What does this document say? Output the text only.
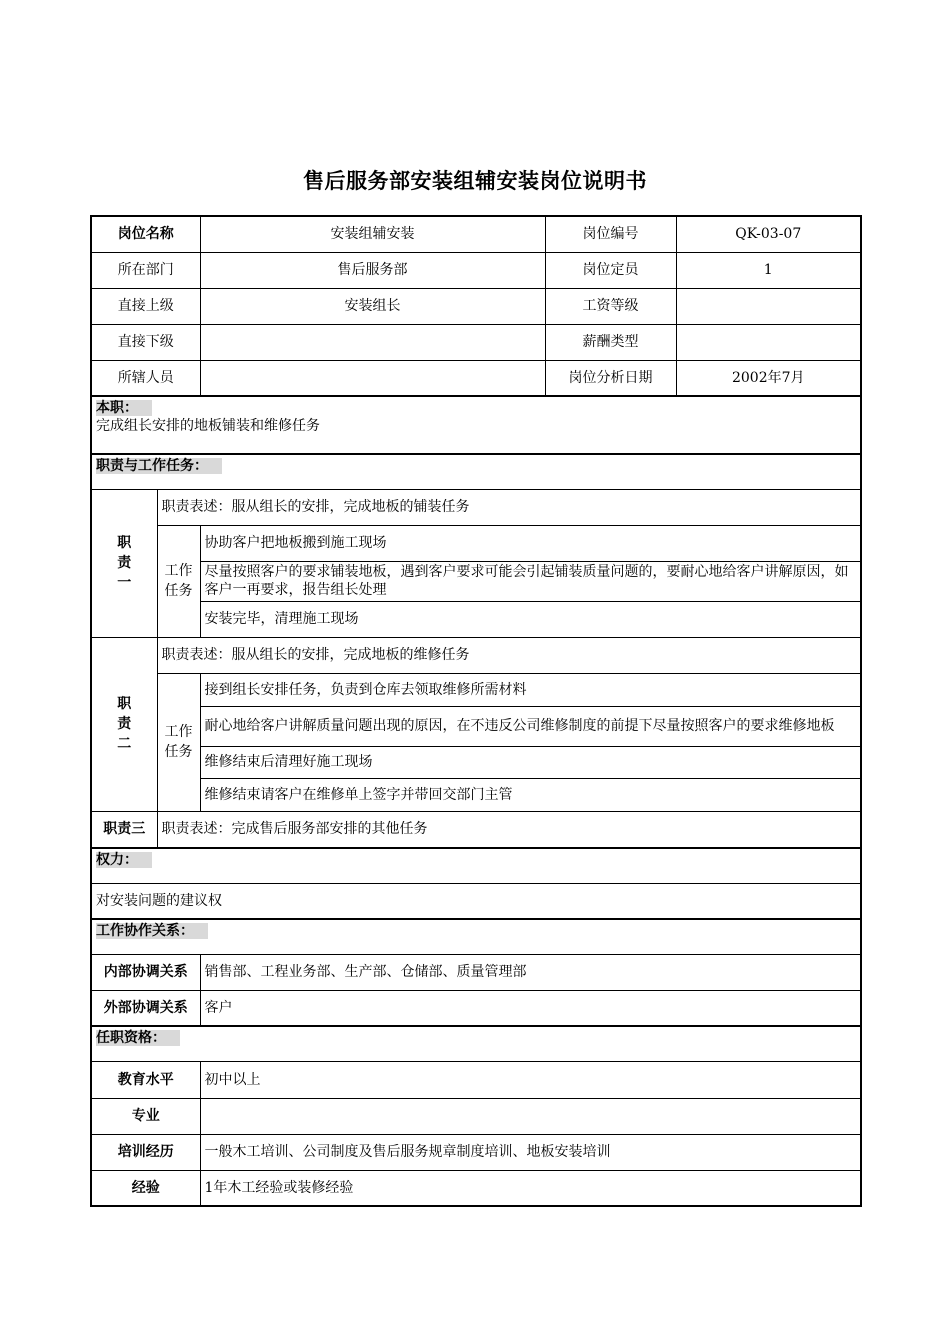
售后服务部安装组辅安装岗位说明书
岗位名称		安装组辅安装	岗位编号	QK-03-07
所在部门		售后服务部	岗位定员	1
直接上级		安装组长	工资等级	
直接下级			薪酬类型	
所辖人员			岗位分析日期	2002年7月
本职：
完成组长安排的地板铺装和维修任务				
职责与工作任务：				
职
责
一	职责表述：服从组长的安排，完成地板的铺装任务			
	工作
任务	协助客户把地板搬到施工现场		
		尽量按照客户的要求铺装地板，遇到客户要求可能会引起铺装质量问题的，要耐心地给客户讲解原因，如客户一再要求，报告组长处理		
		安装完毕，清理施工现场		
职
责
二	职责表述：服从组长的安排，完成地板的维修任务			
	工作
任务	接到组长安排任务，负责到仓库去领取维修所需材料		
		耐心地给客户讲解质量问题出现的原因，在不违反公司维修制度的前提下尽量按照客户的要求维修地板		
		维修结束后清理好施工现场		
		维修结束请客户在维修单上签字并带回交部门主管		
职责三	职责表述：完成售后服务部安排的其他任务			
权力：				
对安装问题的建议权				
工作协作关系：				
内部协调关系		销售部、工程业务部、生产部、仓储部、质量管理部		
外部协调关系		客户		
任职资格：				
教育水平		初中以上		
专业				
培训经历		一般木工培训、公司制度及售后服务规章制度培训、地板安装培训		
经验		1年木工经验或装修经验		
